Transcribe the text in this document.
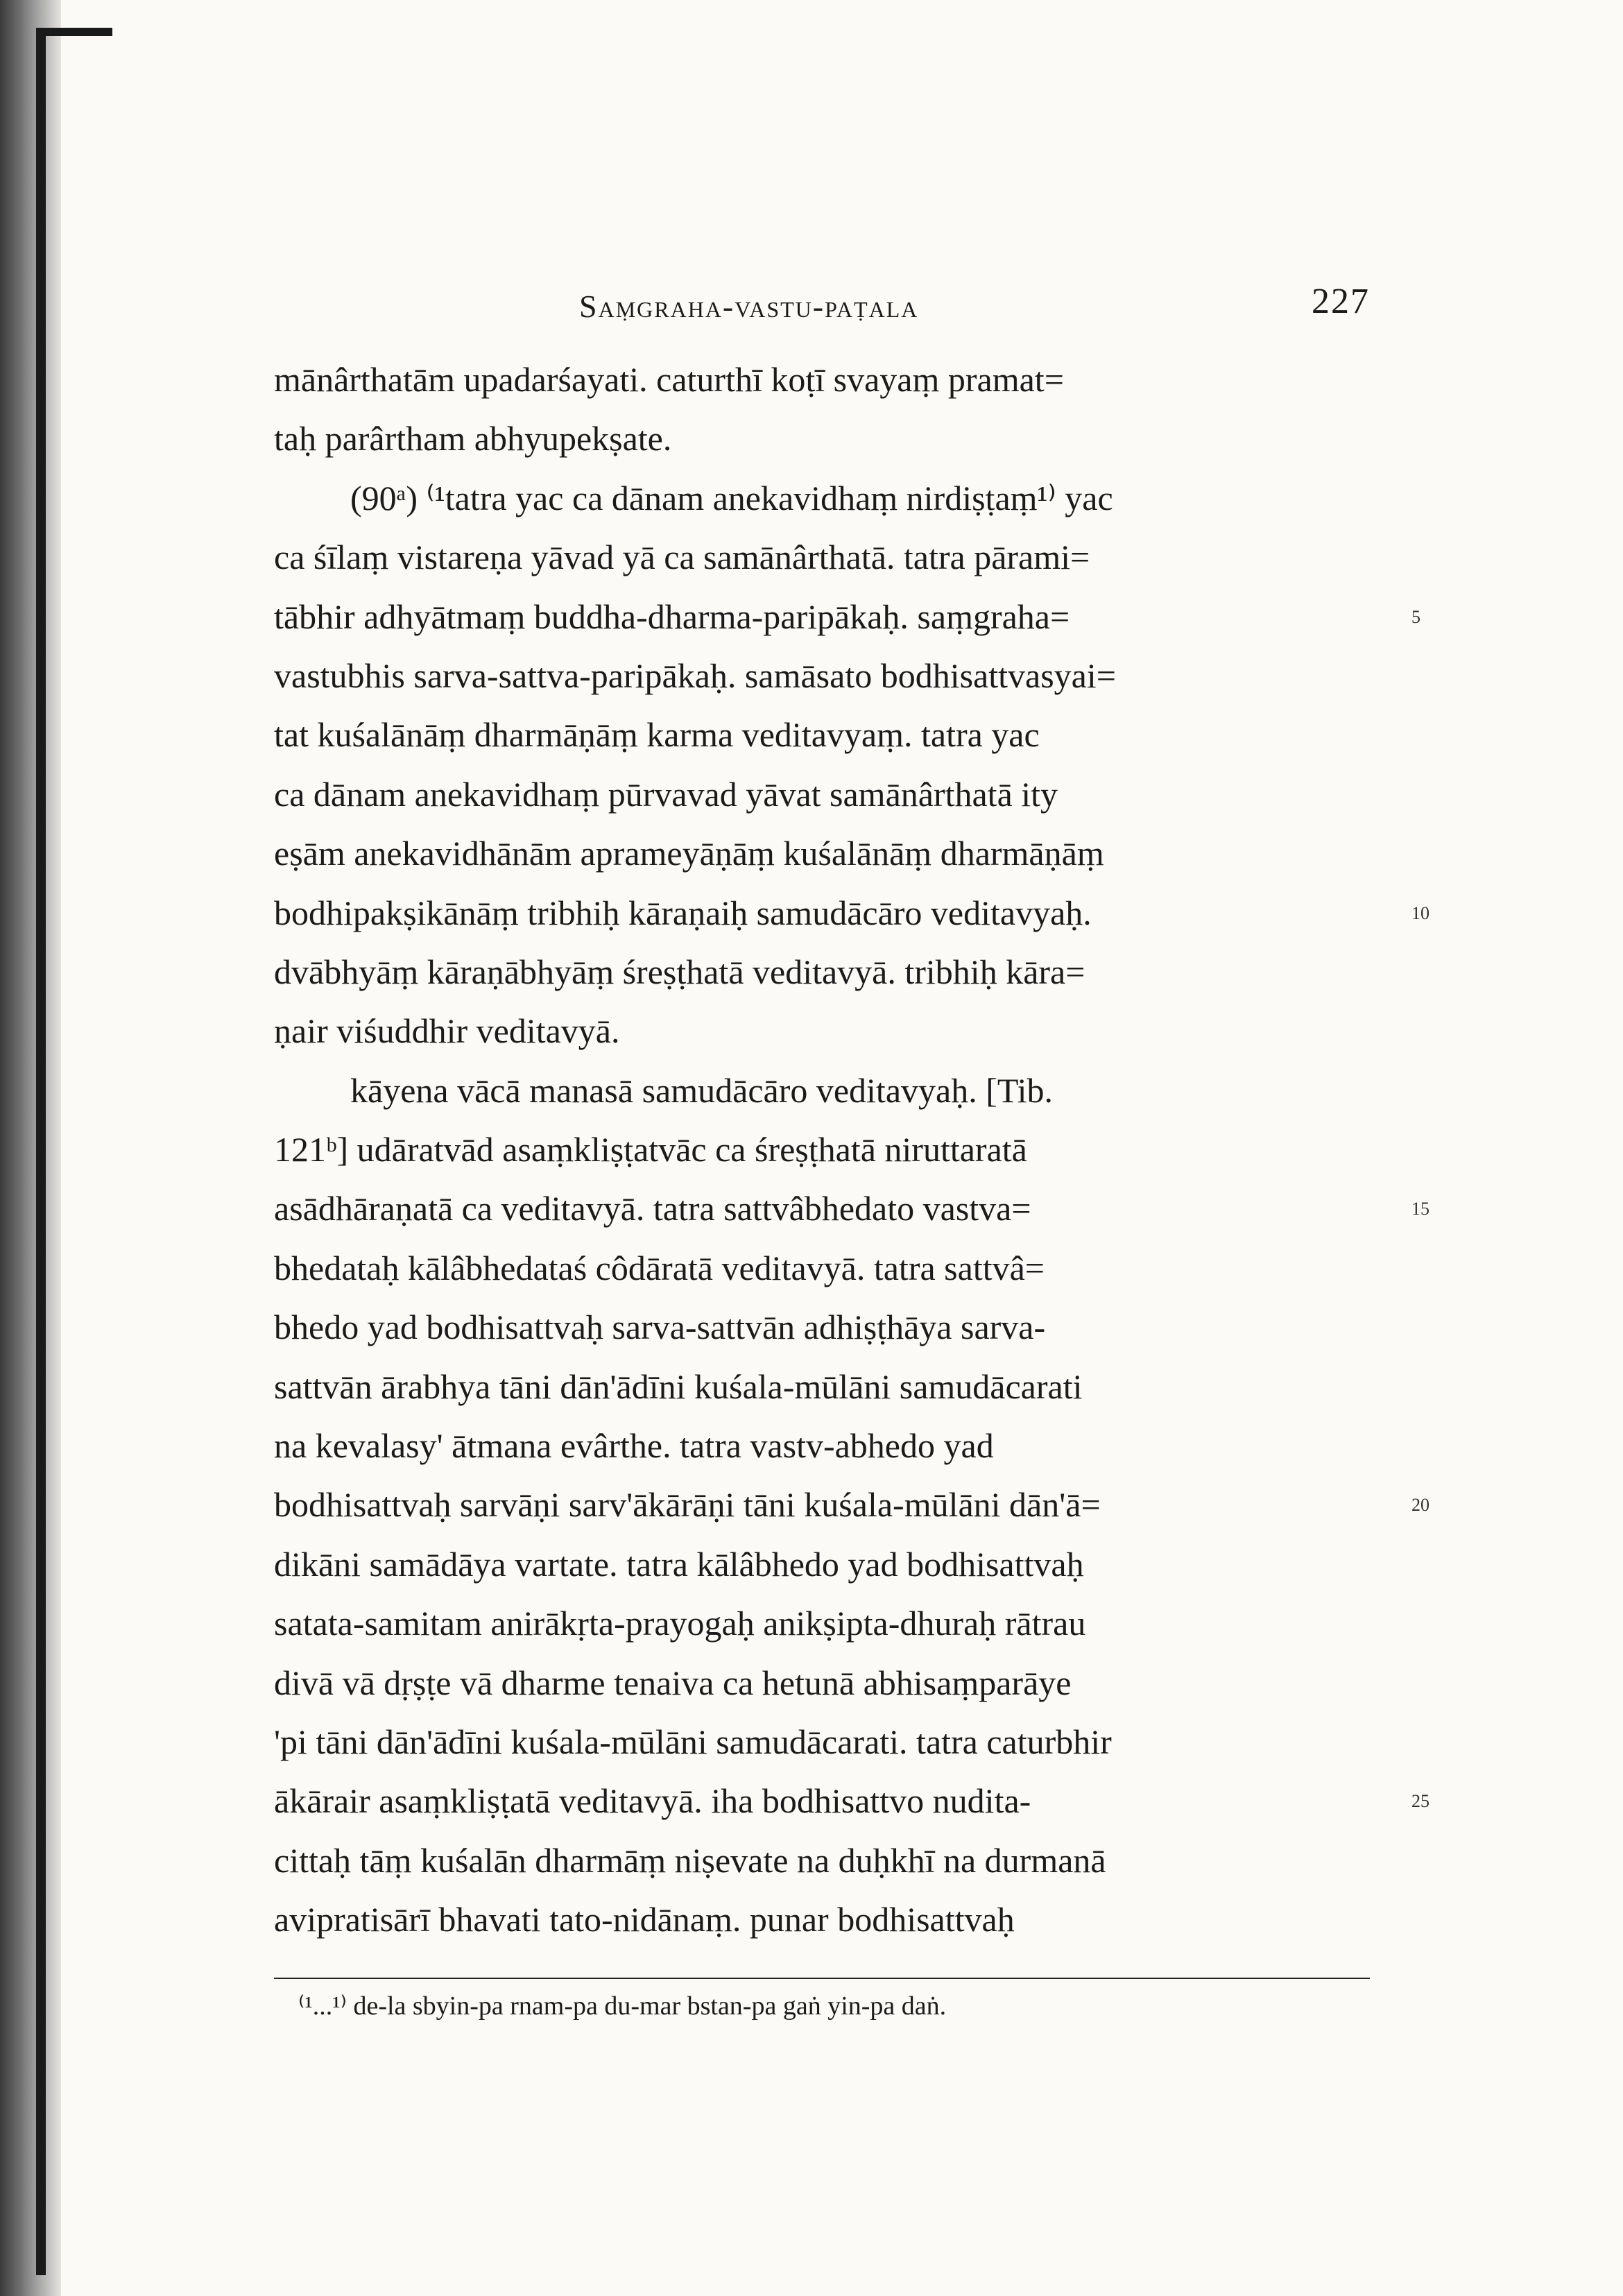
Saṃgraha-vastu-paṭala	227
mānârthatām upadarśayati. caturthī koṭī svayaṃ pramat=
taḥ parârtham abhyupekṣate.
(90ᵃ) ⁽¹tatra yac ca dānam anekavidhaṃ nirdiṣṭaṃ¹⁾ yac
ca śīlaṃ vistareṇa yāvad yā ca samānârthatā. tatra pārami=
tābhir adhyātmaṃ buddha-dharma-paripākaḥ. saṃgraha=	5
vastubhis sarva-sattva-paripākaḥ. samāsato bodhisattvasyai=
tat kuśalānāṃ dharmāṇāṃ karma veditavyaṃ. tatra yac
ca dānam anekavidhaṃ pūrvavad yāvat samānârthatā ity
eṣām anekavidhānām aprameyāṇāṃ kuśalānāṃ dharmāṇāṃ
bodhipakṣikānāṃ tribhiḥ kāraṇaiḥ samudācāro veditavyaḥ.	10
dvābhyāṃ kāraṇābhyāṃ śreṣṭhatā veditavyā. tribhiḥ kāra=
ṇair viśuddhir veditavyā.
kāyena vācā manasā samudācāro veditavyaḥ. [Tib.
121ᵇ] udāratvād asaṃkliṣṭatvāc ca śreṣṭhatā niruttaratā
asādhāraṇatā ca veditavyā. tatra sattvâbhedato vastva=	15
bhedataḥ kālâbhedataś côdāratā veditavyā. tatra sattvâ=
bhedo yad bodhisattvaḥ sarva-sattvān adhiṣṭhāya sarva-
sattvān ārabhya tāni dān'ādīni kuśala-mūlāni samudācarati
na kevalasy' ātmana evârthe. tatra vastv-abhedo yad
bodhisattvaḥ sarvāṇi sarv'ākārāṇi tāni kuśala-mūlāni dān'ā=	20
dikāni samādāya vartate. tatra kālâbhedo yad bodhisattvaḥ
satata-samitam anirākṛta-prayogaḥ anikṣipta-dhuraḥ rātrau
divā vā dṛṣṭe vā dharme tenaiva ca hetunā abhisaṃparāye
'pi tāni dān'ādīni kuśala-mūlāni samudācarati. tatra caturbhir
ākārair asaṃkliṣṭatā veditavyā. iha bodhisattvo nudita-	25
cittaḥ tāṃ kuśalān dharmāṃ niṣevate na duḥkhī na durmanā
avipratisārī bhavati tato-nidānaṃ. punar bodhisattvaḥ
⁽¹...¹⁾ de-la sbyin-pa rnam-pa du-mar bstan-pa gaṅ yin-pa daṅ.
